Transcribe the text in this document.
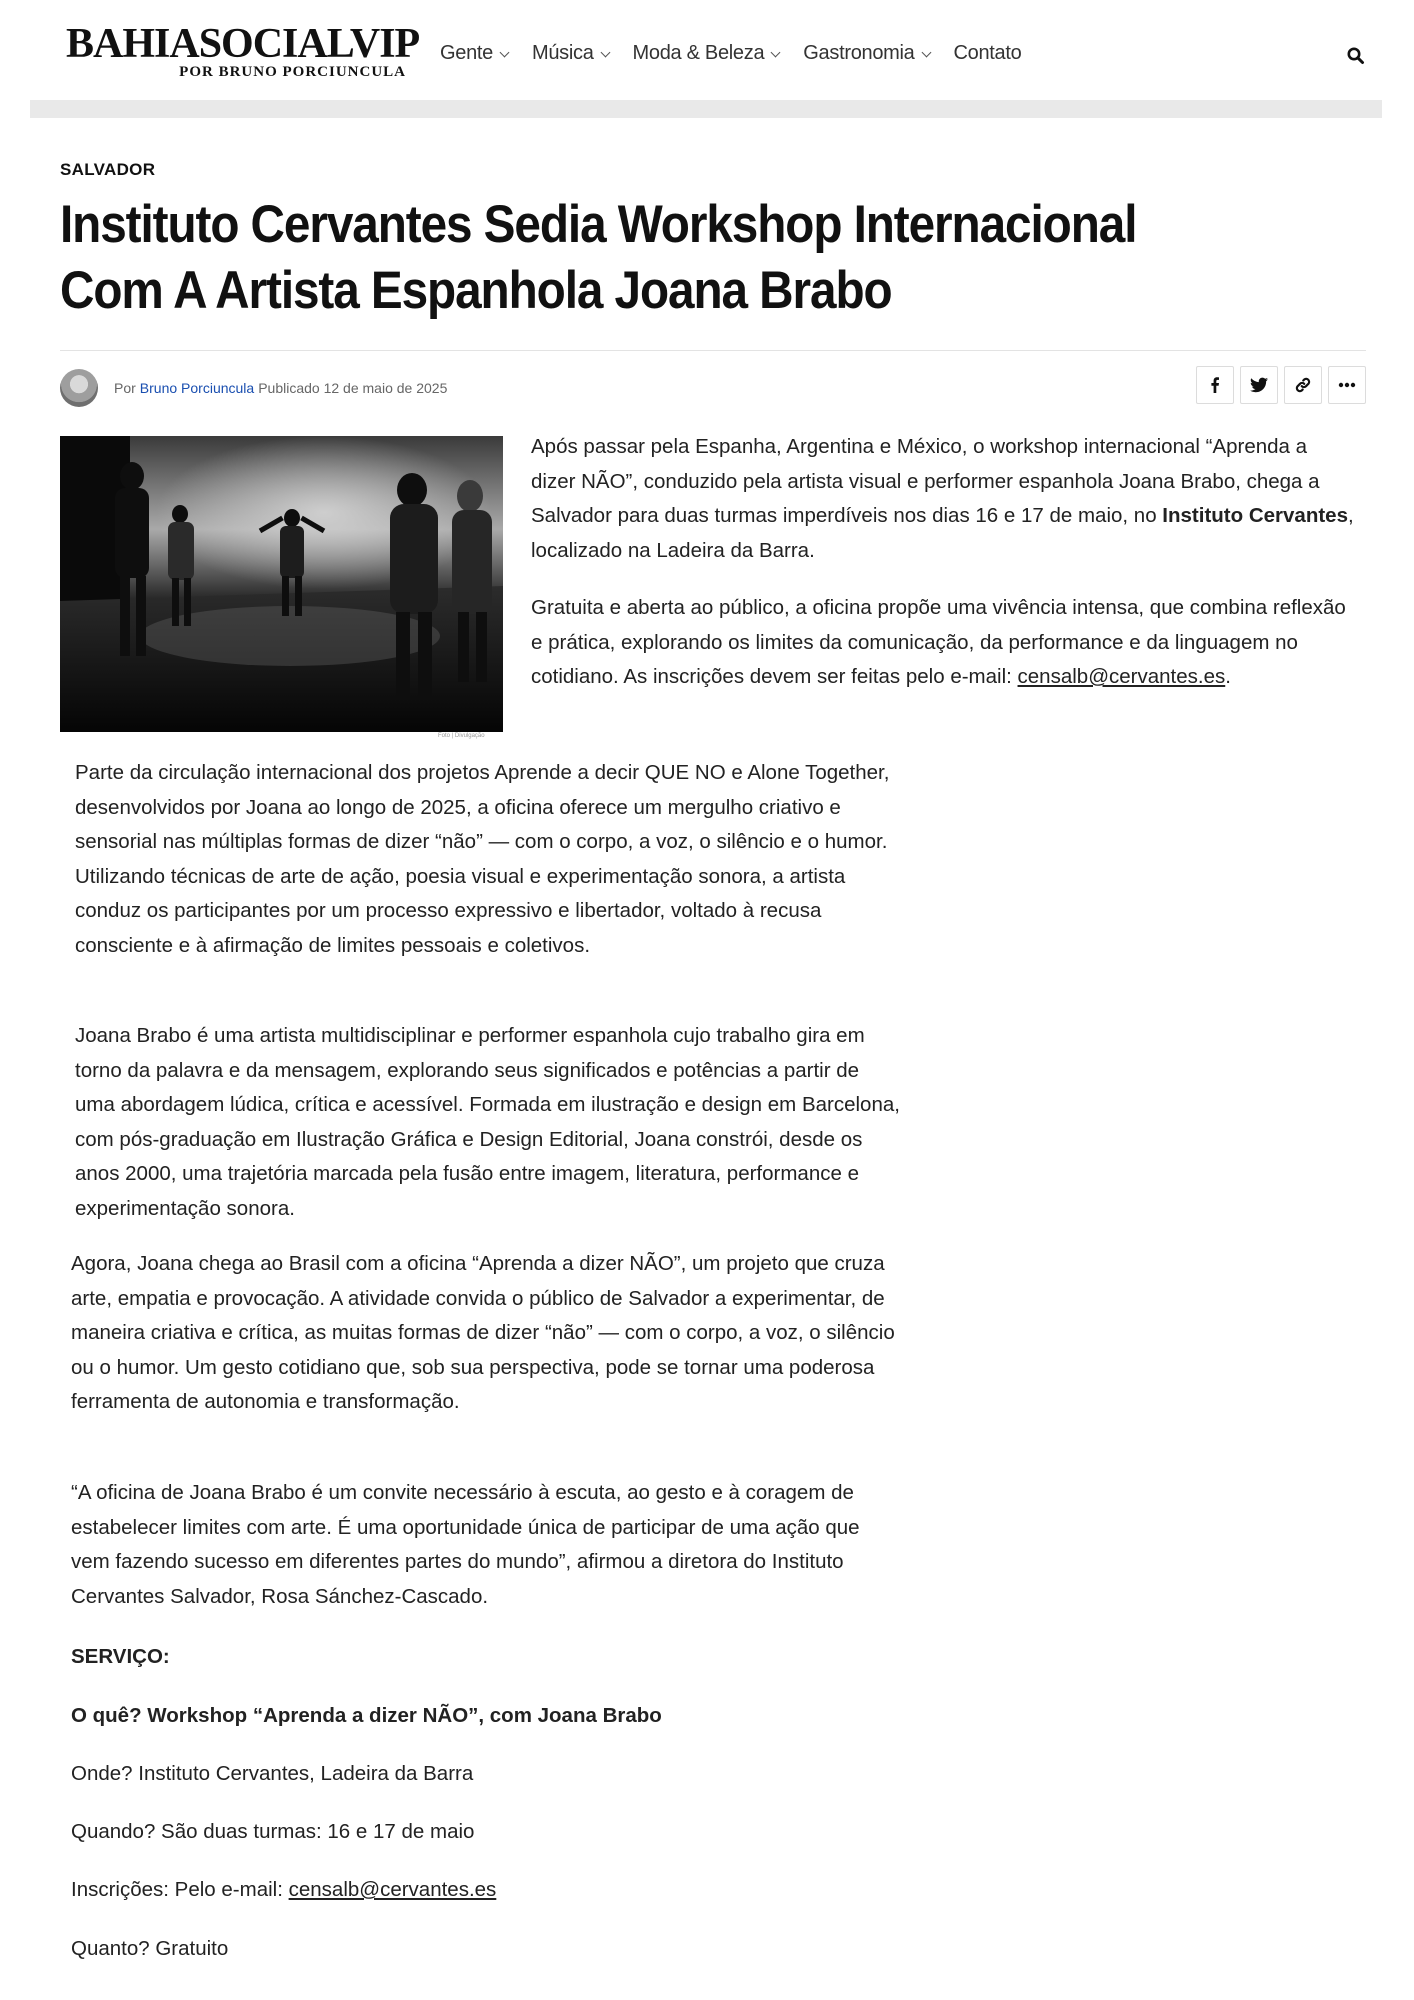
BAHIASOCIALVIP
POR BRUNO PORCIUNCULA
Gente Música Moda & Beleza Gastronomia Contato
SALVADOR
Instituto Cervantes Sedia Workshop Internacional Com A Artista Espanhola Joana Brabo
Por Bruno Porciuncula Publicado 12 de maio de 2025
Foto | Divulgação

Após passar pela Espanha, Argentina e México, o workshop internacional “Aprenda a dizer NÃO”, conduzido pela artista visual e performer espanhola Joana Brabo, chega a Salvador para duas turmas imperdíveis nos dias 16 e 17 de maio, no Instituto Cervantes, localizado na Ladeira da Barra.

Gratuita e aberta ao público, a oficina propõe uma vivência intensa, que combina reflexão e prática, explorando os limites da comunicação, da performance e da linguagem no cotidiano. As inscrições devem ser feitas pelo e-mail: censalb@cervantes.es.

Parte da circulação internacional dos projetos Aprende a decir QUE NO e Alone Together, desenvolvidos por Joana ao longo de 2025, a oficina oferece um mergulho criativo e sensorial nas múltiplas formas de dizer “não” — com o corpo, a voz, o silêncio e o humor. Utilizando técnicas de arte de ação, poesia visual e experimentação sonora, a artista conduz os participantes por um processo expressivo e libertador, voltado à recusa consciente e à afirmação de limites pessoais e coletivos.

Joana Brabo é uma artista multidisciplinar e performer espanhola cujo trabalho gira em torno da palavra e da mensagem, explorando seus significados e potências a partir de uma abordagem lúdica, crítica e acessível. Formada em ilustração e design em Barcelona, com pós-graduação em Ilustração Gráfica e Design Editorial, Joana constrói, desde os anos 2000, uma trajetória marcada pela fusão entre imagem, literatura, performance e experimentação sonora.

Agora, Joana chega ao Brasil com a oficina “Aprenda a dizer NÃO”, um projeto que cruza arte, empatia e provocação. A atividade convida o público de Salvador a experimentar, de maneira criativa e crítica, as muitas formas de dizer “não” — com o corpo, a voz, o silêncio ou o humor. Um gesto cotidiano que, sob sua perspectiva, pode se tornar uma poderosa ferramenta de autonomia e transformação.

“A oficina de Joana Brabo é um convite necessário à escuta, ao gesto e à coragem de estabelecer limites com arte. É uma oportunidade única de participar de uma ação que vem fazendo sucesso em diferentes partes do mundo”, afirmou a diretora do Instituto Cervantes Salvador, Rosa Sánchez-Cascado.

SERVIÇO:
O quê? Workshop “Aprenda a dizer NÃO”, com Joana Brabo
Onde? Instituto Cervantes, Ladeira da Barra
Quando? São duas turmas: 16 e 17 de maio
Inscrições: Pelo e-mail: censalb@cervantes.es
Quanto? Gratuito
